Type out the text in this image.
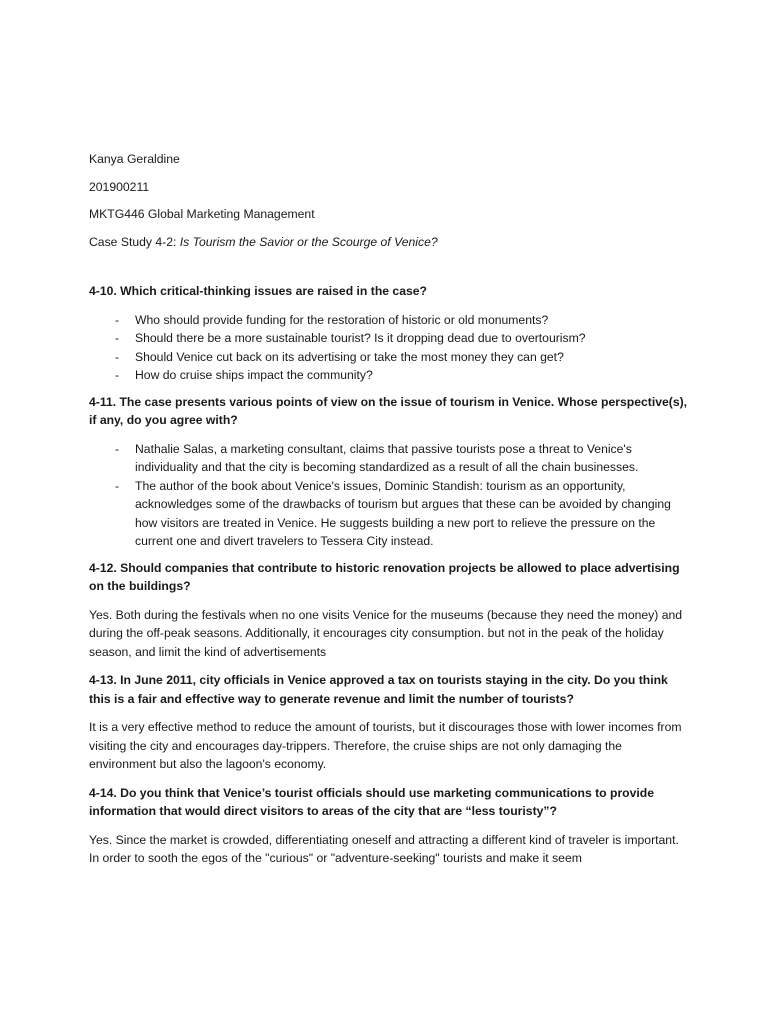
Kanya Geraldine
201900211
MKTG446 Global Marketing Management
Case Study 4-2: Is Tourism the Savior or the Scourge of Venice?
4-10. Which critical-thinking issues are raised in the case?
- Who should provide funding for the restoration of historic or old monuments?
- Should there be a more sustainable tourist? Is it dropping dead due to overtourism?
- Should Venice cut back on its advertising or take the most money they can get?
- How do cruise ships impact the community?
4-11. The case presents various points of view on the issue of tourism in Venice. Whose perspective(s), if any, do you agree with?
- Nathalie Salas, a marketing consultant, claims that passive tourists pose a threat to Venice's individuality and that the city is becoming standardized as a result of all the chain businesses.
- The author of the book about Venice's issues, Dominic Standish: tourism as an opportunity, acknowledges some of the drawbacks of tourism but argues that these can be avoided by changing how visitors are treated in Venice. He suggests building a new port to relieve the pressure on the current one and divert travelers to Tessera City instead.
4-12. Should companies that contribute to historic renovation projects be allowed to place advertising on the buildings?
Yes. Both during the festivals when no one visits Venice for the museums (because they need the money) and during the off-peak seasons. Additionally, it encourages city consumption. but not in the peak of the holiday season, and limit the kind of advertisements
4-13. In June 2011, city officials in Venice approved a tax on tourists staying in the city. Do you think this is a fair and effective way to generate revenue and limit the number of tourists?
It is a very effective method to reduce the amount of tourists, but it discourages those with lower incomes from visiting the city and encourages day-trippers. Therefore, the cruise ships are not only damaging the environment but also the lagoon's economy.
4-14. Do you think that Venice’s tourist officials should use marketing communications to provide information that would direct visitors to areas of the city that are “less touristy”?
Yes. Since the market is crowded, differentiating oneself and attracting a different kind of traveler is important. In order to sooth the egos of the "curious" or "adventure-seeking" tourists and make it seem
